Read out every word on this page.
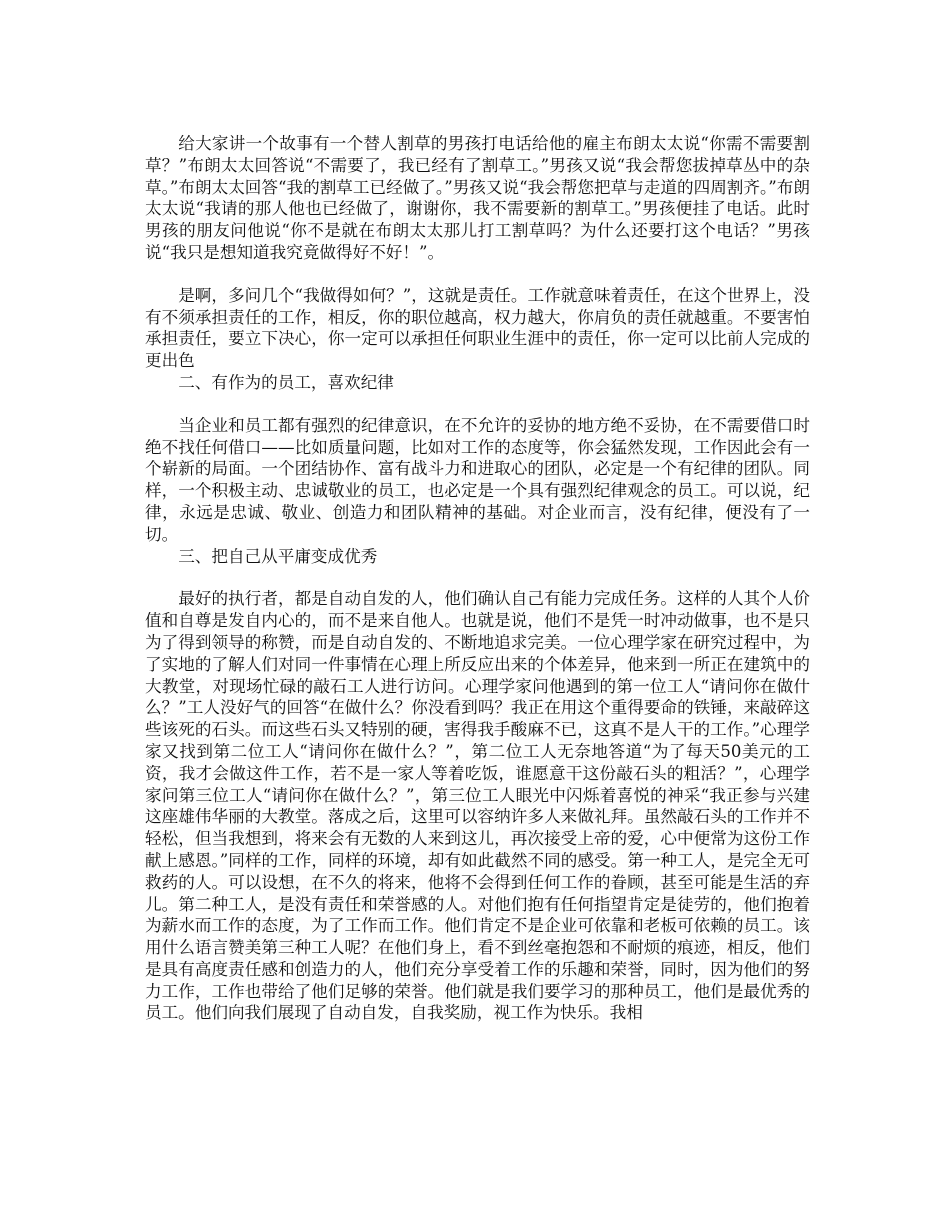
给大家讲一个故事有一个替人割草的男孩打电话给他的雇主布朗太太说“你需不需要割草？”布朗太太回答说“不需要了，我已经有了割草工。”男孩又说“我会帮您拔掉草丛中的杂草。”布朗太太回答“我的割草工已经做了。”男孩又说“我会帮您把草与走道的四周割齐。”布朗太太说“我请的那人他也已经做了，谢谢你，我不需要新的割草工。”男孩便挂了电话。此时男孩的朋友问他说“你不是就在布朗太太那儿打工割草吗？为什么还要打这个电话？”男孩说“我只是想知道我究竟做得好不好！”。

是啊，多问几个“我做得如何？”，这就是责任。工作就意味着责任，在这个世界上，没有不须承担责任的工作，相反，你的职位越高，权力越大，你肩负的责任就越重。不要害怕承担责任，要立下决心，你一定可以承担任何职业生涯中的责任，你一定可以比前人完成的更出色

二、有作为的员工，喜欢纪律

当企业和员工都有强烈的纪律意识，在不允许的妥协的地方绝不妥协，在不需要借口时绝不找任何借口——比如质量问题，比如对工作的态度等，你会猛然发现，工作因此会有一个崭新的局面。一个团结协作、富有战斗力和进取心的团队，必定是一个有纪律的团队。同样，一个积极主动、忠诚敬业的员工，也必定是一个具有强烈纪律观念的员工。可以说，纪律，永远是忠诚、敬业、创造力和团队精神的基础。对企业而言，没有纪律，便没有了一切。

三、把自己从平庸变成优秀

最好的执行者，都是自动自发的人，他们确认自己有能力完成任务。这样的人其个人价值和自尊是发自内心的，而不是来自他人。也就是说，他们不是凭一时冲动做事，也不是只为了得到领导的称赞，而是自动自发的、不断地追求完美。一位心理学家在研究过程中，为了实地的了解人们对同一件事情在心理上所反应出来的个体差异，他来到一所正在建筑中的大教堂，对现场忙碌的敲石工人进行访问。心理学家问他遇到的第一位工人“请问你在做什么？”工人没好气的回答“在做什么？你没看到吗？我正在用这个重得要命的铁锤，来敲碎这些该死的石头。而这些石头又特别的硬，害得我手酸麻不已，这真不是人干的工作。”心理学家又找到第二位工人“请问你在做什么？”，第二位工人无奈地答道“为了每天50美元的工资，我才会做这件工作，若不是一家人等着吃饭，谁愿意干这份敲石头的粗活？”，心理学家问第三位工人“请问你在做什么？”，第三位工人眼光中闪烁着喜悦的神采“我正参与兴建这座雄伟华丽的大教堂。落成之后，这里可以容纳许多人来做礼拜。虽然敲石头的工作并不轻松，但当我想到，将来会有无数的人来到这儿，再次接受上帝的爱，心中便常为这份工作献上感恩。”同样的工作，同样的环境，却有如此截然不同的感受。第一种工人，是完全无可救药的人。可以设想，在不久的将来，他将不会得到任何工作的眷顾，甚至可能是生活的弃儿。第二种工人，是没有责任和荣誉感的人。对他们抱有任何指望肯定是徒劳的，他们抱着为薪水而工作的态度，为了工作而工作。他们肯定不是企业可依靠和老板可依赖的员工。该用什么语言赞美第三种工人呢？在他们身上，看不到丝毫抱怨和不耐烦的痕迹，相反，他们是具有高度责任感和创造力的人，他们充分享受着工作的乐趣和荣誉，同时，因为他们的努力工作，工作也带给了他们足够的荣誉。他们就是我们要学习的那种员工，他们是最优秀的员工。他们向我们展现了自动自发，自我奖励，视工作为快乐。我相
